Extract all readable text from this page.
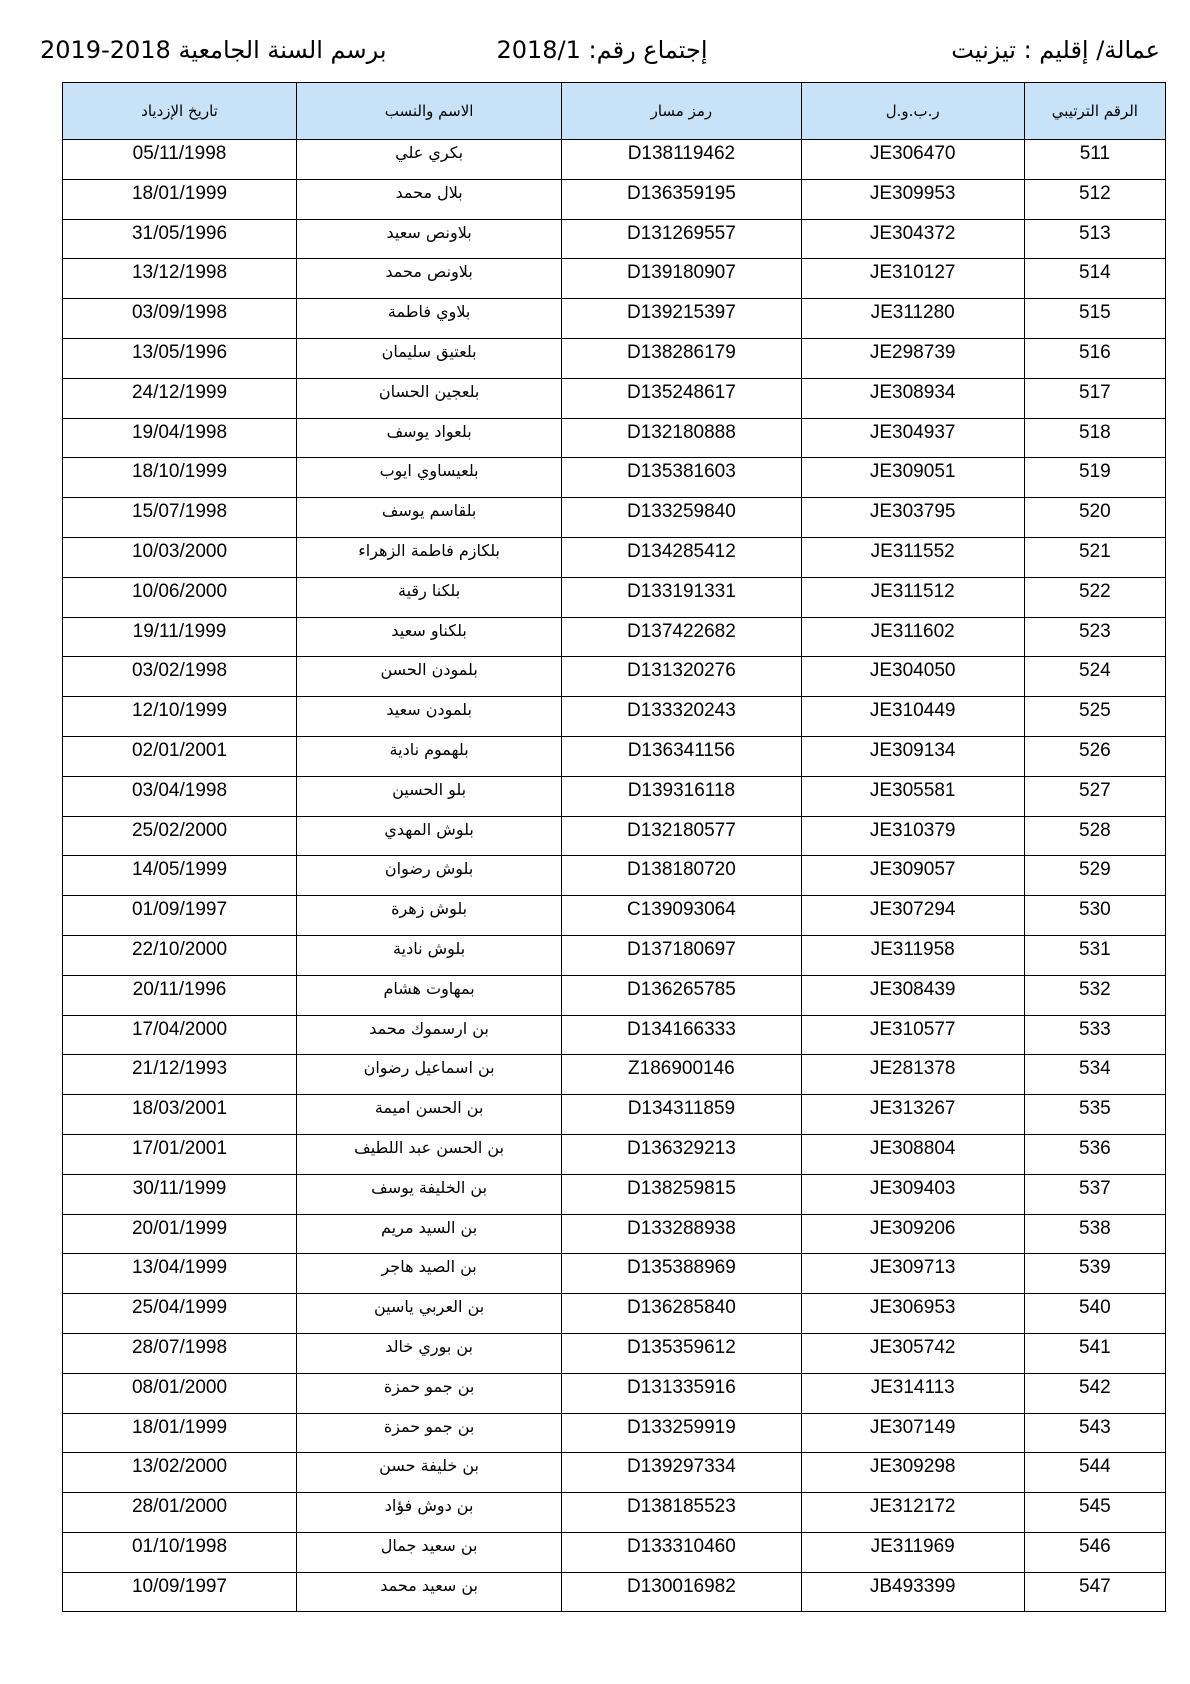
عمالة/ إقليم : تيزنيت
إجتماع رقم: 2018/1
برسم السنة الجامعية 2018-2019
الرقم الترتيبي	ر.ب.و.ل	رمز مسار	الاسم والنسب	تاريخ الإزدياد

511	JE306470	D138119462	بكري علي	05/11/1998

512	JE309953	D136359195	بلال محمد	18/01/1999

513	JE304372	D131269557	بلاونص سعيد	31/05/1996

514	JE310127	D139180907	بلاونص محمد	13/12/1998

515	JE311280	D139215397	بلاوي فاطمة	03/09/1998

516	JE298739	D138286179	بلعتيق سليمان	13/05/1996

517	JE308934	D135248617	بلعجين الحسان	24/12/1999

518	JE304937	D132180888	بلعواد يوسف	19/04/1998

519	JE309051	D135381603	بلعيساوي ايوب	18/10/1999

520	JE303795	D133259840	بلقاسم يوسف	15/07/1998

521	JE311552	D134285412	بلكازم فاطمة الزهراء	10/03/2000

522	JE311512	D133191331	بلكنا رقية	10/06/2000

523	JE311602	D137422682	بلكناو سعيد	19/11/1999

524	JE304050	D131320276	بلمودن الحسن	03/02/1998

525	JE310449	D133320243	بلمودن سعيد	12/10/1999

526	JE309134	D136341156	بلهموم نادية	02/01/2001

527	JE305581	D139316118	بلو الحسين	03/04/1998

528	JE310379	D132180577	بلوش المهدي	25/02/2000

529	JE309057	D138180720	بلوش رضوان	14/05/1999

530	JE307294	C139093064	بلوش زهرة	01/09/1997

531	JE311958	D137180697	بلوش نادية	22/10/2000

532	JE308439	D136265785	بمهاوت هشام	20/11/1996

533	JE310577	D134166333	بن ارسموك محمد	17/04/2000

534	JE281378	Z186900146	بن اسماعيل رضوان	21/12/1993

535	JE313267	D134311859	بن الحسن اميمة	18/03/2001

536	JE308804	D136329213	بن الحسن عبد اللطيف	17/01/2001

537	JE309403	D138259815	بن الخليفة يوسف	30/11/1999

538	JE309206	D133288938	بن السيد مريم	20/01/1999

539	JE309713	D135388969	بن الصيد هاجر	13/04/1999

540	JE306953	D136285840	بن العربي ياسين	25/04/1999

541	JE305742	D135359612	بن بوري خالد	28/07/1998

542	JE314113	D131335916	بن جمو حمزة	08/01/2000

543	JE307149	D133259919	بن جمو حمزة	18/01/1999

544	JE309298	D139297334	بن خليفة حسن	13/02/2000

545	JE312172	D138185523	بن دوش فؤاد	28/01/2000

546	JE311969	D133310460	بن سعيد جمال	01/10/1998

547	JB493399	D130016982	بن سعيد محمد	10/09/1997
